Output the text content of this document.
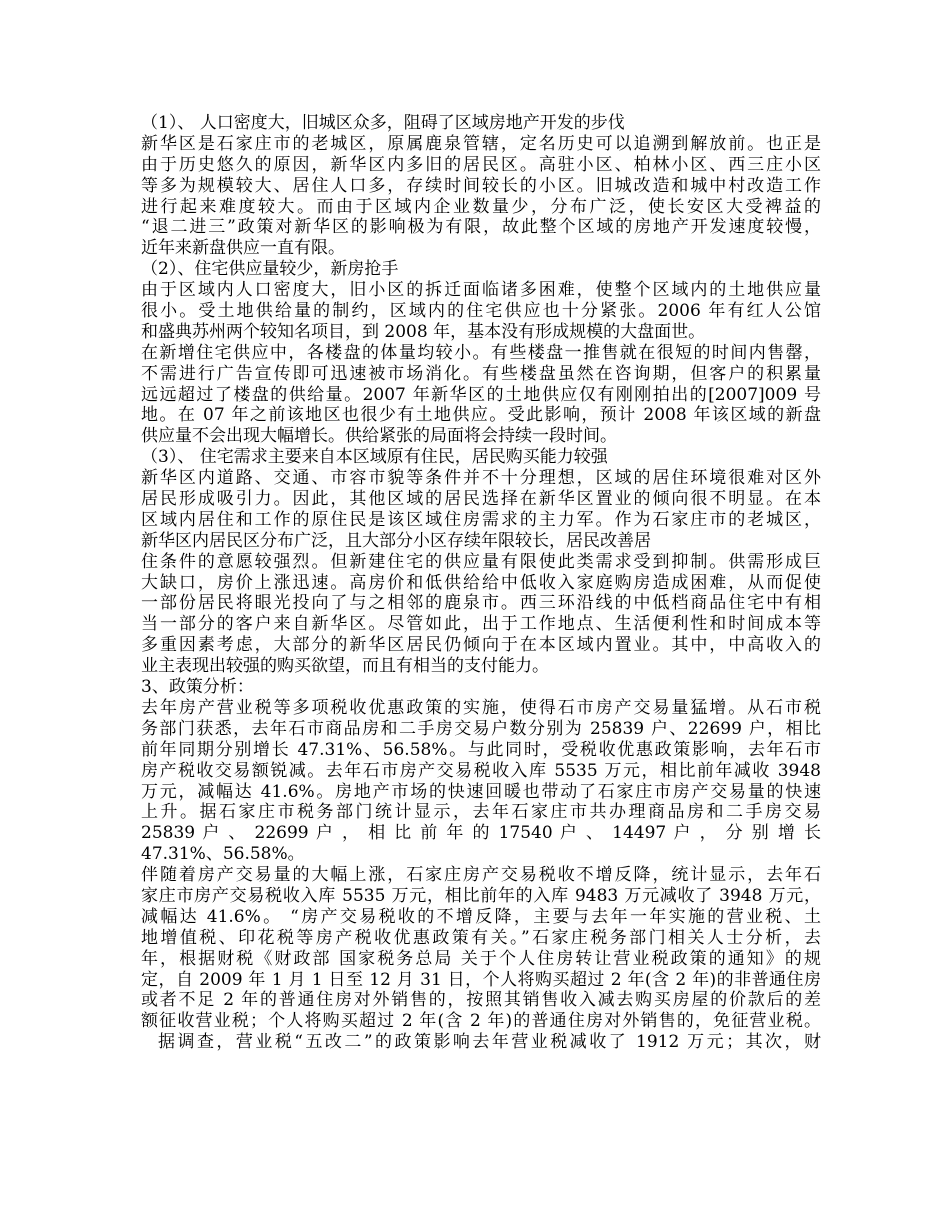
（1）、 人口密度大，旧城区众多，阻碍了区域房地产开发的步伐
新华区是石家庄市的老城区，原属鹿泉管辖，定名历史可以追溯到解放前。也正是
由于历史悠久的原因，新华区内多旧的居民区。高驻小区、柏林小区、西三庄小区
等多为规模较大、居住人口多，存续时间较长的小区。旧城改造和城中村改造工作
进行起来难度较大。而由于区域内企业数量少，分布广泛，使长安区大受裨益的
“退二进三”政策对新华区的影响极为有限，故此整个区域的房地产开发速度较慢，
近年来新盘供应一直有限。
（2）、住宅供应量较少，新房抢手
由于区域内人口密度大，旧小区的拆迁面临诸多困难，使整个区域内的土地供应量
很小。受土地供给量的制约，区域内的住宅供应也十分紧张。2006 年有红人公馆
和盛典苏州两个较知名项目，到 2008 年，基本没有形成规模的大盘面世。
在新增住宅供应中，各楼盘的体量均较小。有些楼盘一推售就在很短的时间内售罄，
不需进行广告宣传即可迅速被市场消化。有些楼盘虽然在咨询期，但客户的积累量
远远超过了楼盘的供给量。2007 年新华区的土地供应仅有刚刚拍出的[2007]009 号
地。在 07 年之前该地区也很少有土地供应。受此影响，预计 2008 年该区域的新盘
供应量不会出现大幅增长。供给紧张的局面将会持续一段时间。
（3）、 住宅需求主要来自本区域原有住民，居民购买能力较强
新华区内道路、交通、市容市貌等条件并不十分理想，区域的居住环境很难对区外
居民形成吸引力。因此，其他区域的居民选择在新华区置业的倾向很不明显。在本
区域内居住和工作的原住民是该区域住房需求的主力军。作为石家庄市的老城区，
新华区内居民区分布广泛，且大部分小区存续年限较长，居民改善居
住条件的意愿较强烈。但新建住宅的供应量有限使此类需求受到抑制。供需形成巨
大缺口，房价上涨迅速。高房价和低供给给中低收入家庭购房造成困难，从而促使
一部份居民将眼光投向了与之相邻的鹿泉市。西三环沿线的中低档商品住宅中有相
当一部分的客户来自新华区。尽管如此，出于工作地点、生活便利性和时间成本等
多重因素考虑，大部分的新华区居民仍倾向于在本区域内置业。其中，中高收入的
业主表现出较强的购买欲望，而且有相当的支付能力。
3、政策分析：
去年房产营业税等多项税收优惠政策的实施，使得石市房产交易量猛增。从石市税
务部门获悉，去年石市商品房和二手房交易户数分别为 25839 户、22699 户，相比
前年同期分别增长 47.31%、56.58%。与此同时，受税收优惠政策影响，去年石市
房产税收交易额锐减。去年石市房产交易税收入库 5535 万元，相比前年减收 3948
万元，减幅达 41.6%。房地产市场的快速回暖也带动了石家庄市房产交易量的快速
上升。据石家庄市税务部门统计显示，去年石家庄市共办理商品房和二手房交易
25839 户 、 22699 户 ， 相 比 前 年 的 17540 户 、 14497 户 ， 分 别 增 长
47.31%、56.58%。
伴随着房产交易量的大幅上涨，石家庄房产交易税收不增反降，统计显示，去年石
家庄市房产交易税收入库 5535 万元，相比前年的入库 9483 万元减收了 3948 万元，
减幅达 41.6%。 “房产交易税收的不增反降，主要与去年一年实施的营业税、土
地增值税、印花税等房产税收优惠政策有关。”石家庄税务部门相关人士分析，去
年，根据财税《财政部 国家税务总局 关于个人住房转让营业税政策的通知》的规
定，自 2009 年 1 月 1 日至 12 月 31 日，个人将购买超过 2 年(含 2 年)的非普通住房
或者不足 2 年的普通住房对外销售的，按照其销售收入减去购买房屋的价款后的差
额征收营业税；个人将购买超过 2 年(含 2 年)的普通住房对外销售的，免征营业税。
据调查，营业税“五改二”的政策影响去年营业税减收了 1912 万元；其次，财
